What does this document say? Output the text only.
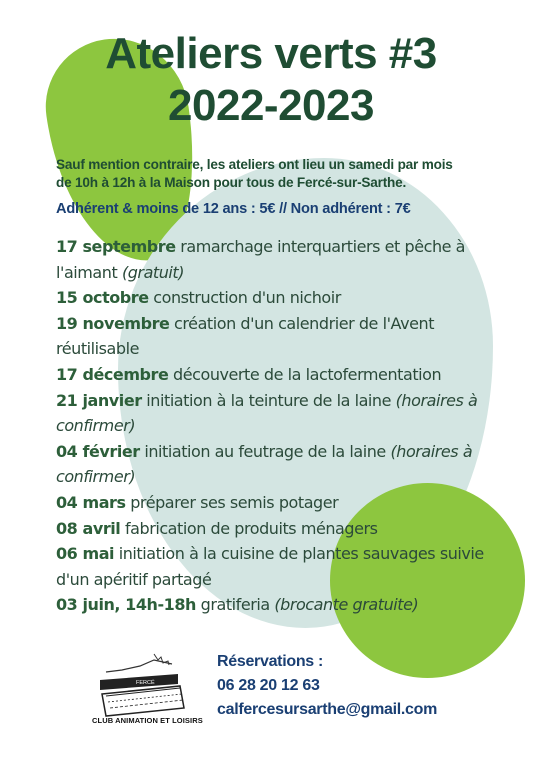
Ateliers verts #3
2022-2023
Sauf mention contraire, les ateliers ont lieu un samedi par mois
de 10h à 12h à la Maison pour tous de Fercé-sur-Sarthe.
Adhérent & moins de 12 ans : 5€ // Non adhérent : 7€
17 septembre ramarchage interquartiers et pêche à l'aimant (gratuit)
15 octobre construction d'un nichoir
19 novembre création d'un calendrier de l'Avent réutilisable
17 décembre découverte de la lactofermentation
21 janvier initiation à la teinture de la laine (horaires à confirmer)
04 février initiation au feutrage de la laine (horaires à confirmer)
04 mars préparer ses semis potager
08 avril fabrication de produits ménagers
06 mai initiation à la cuisine de plantes sauvages suivie d'un apéritif partagé
03 juin, 14h-18h gratiferia (brocante gratuite)
FERCÉ
CLUB ANIMATION ET LOISIRS
Réservations :
06 28 20 12 63
calfercesursarthe@gmail.com
